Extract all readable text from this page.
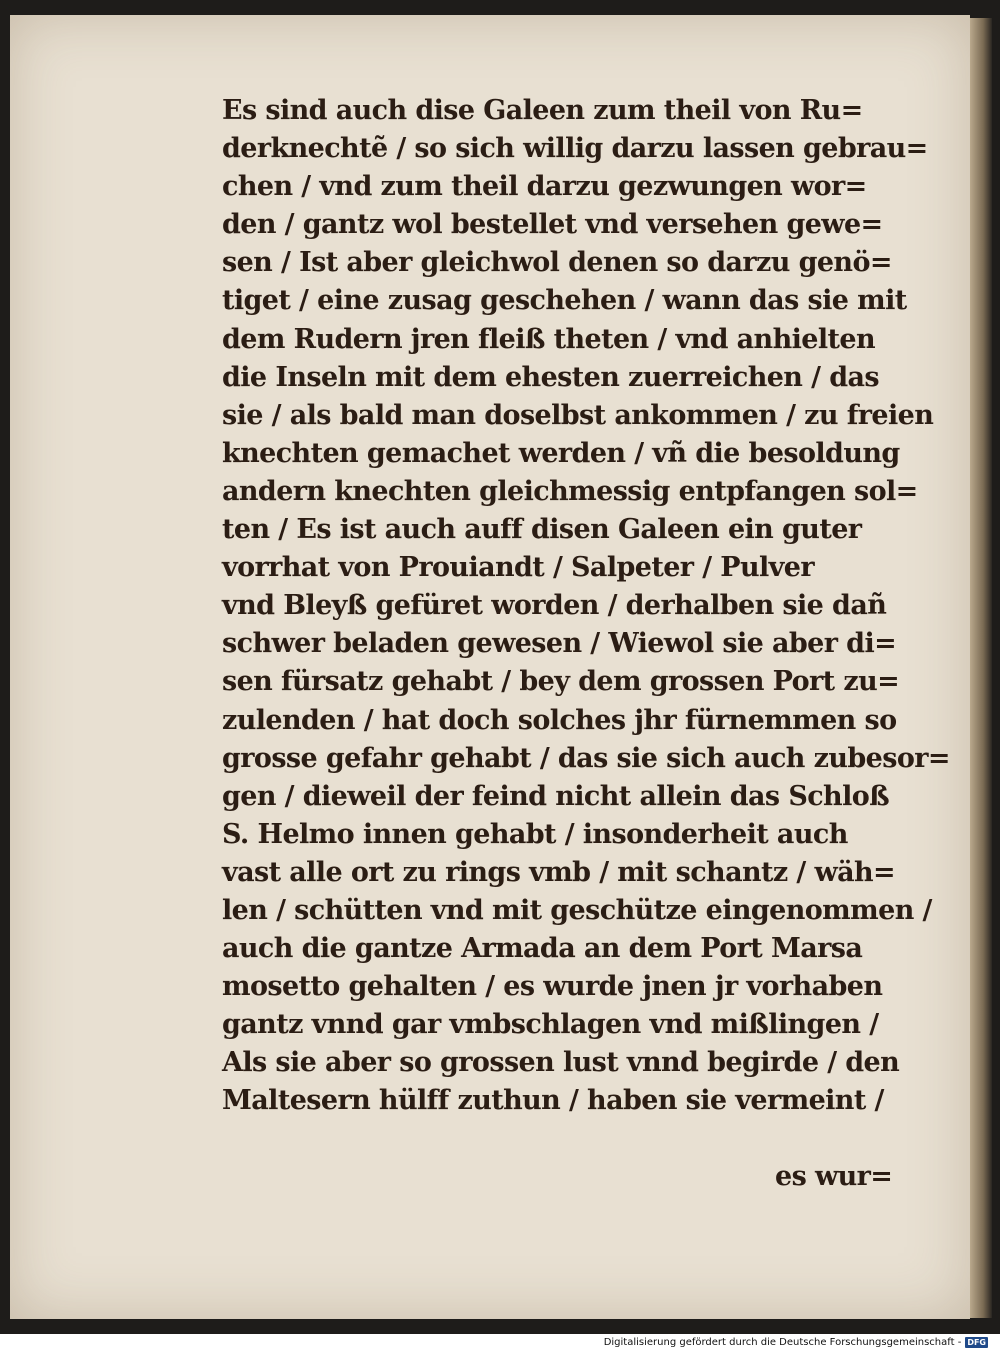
Es sind auch dise Galeen zum theil von Ru=
derknechtẽ / so sich willig darzu lassen gebrau=
chen / vnd zum theil darzu gezwungen wor=
den / gantz wol bestellet vnd versehen gewe=
sen / Ist aber gleichwol denen so darzu genö=
tiget / eine zusag geschehen / wann das sie mit
dem Rudern jren fleiß theten / vnd anhielten
die Inseln mit dem ehesten zuerreichen / das
sie / als bald man doselbst ankommen / zu freien
knechten gemachet werden / vñ die besoldung
andern knechten gleichmessig entpfangen sol=
ten / Es ist auch auff disen Galeen ein guter
vorrhat von Prouiandt / Salpeter / Pulver
vnd Bleyß gefüret worden / derhalben sie dañ
schwer beladen gewesen / Wiewol sie aber di=
sen fürsatz gehabt / bey dem grossen Port zu=
zulenden / hat doch solches jhr fürnemmen so
grosse gefahr gehabt / das sie sich auch zubesor=
gen / dieweil der feind nicht allein das Schloß
S. Helmo innen gehabt / insonderheit auch
vast alle ort zu rings vmb / mit schantz / wäh=
len / schütten vnd mit geschütze eingenommen /
auch die gantze Armada an dem Port Marsa
mosetto gehalten / es wurde jnen jr vorhaben
gantz vnnd gar vmbschlagen vnd mißlingen /
Als sie aber so grossen lust vnnd begirde / den
Maltesern hülff zuthun / haben sie vermeint /
es wur=
Digitalisierung gefördert durch die Deutsche Forschungsgemeinschaft - DFG
